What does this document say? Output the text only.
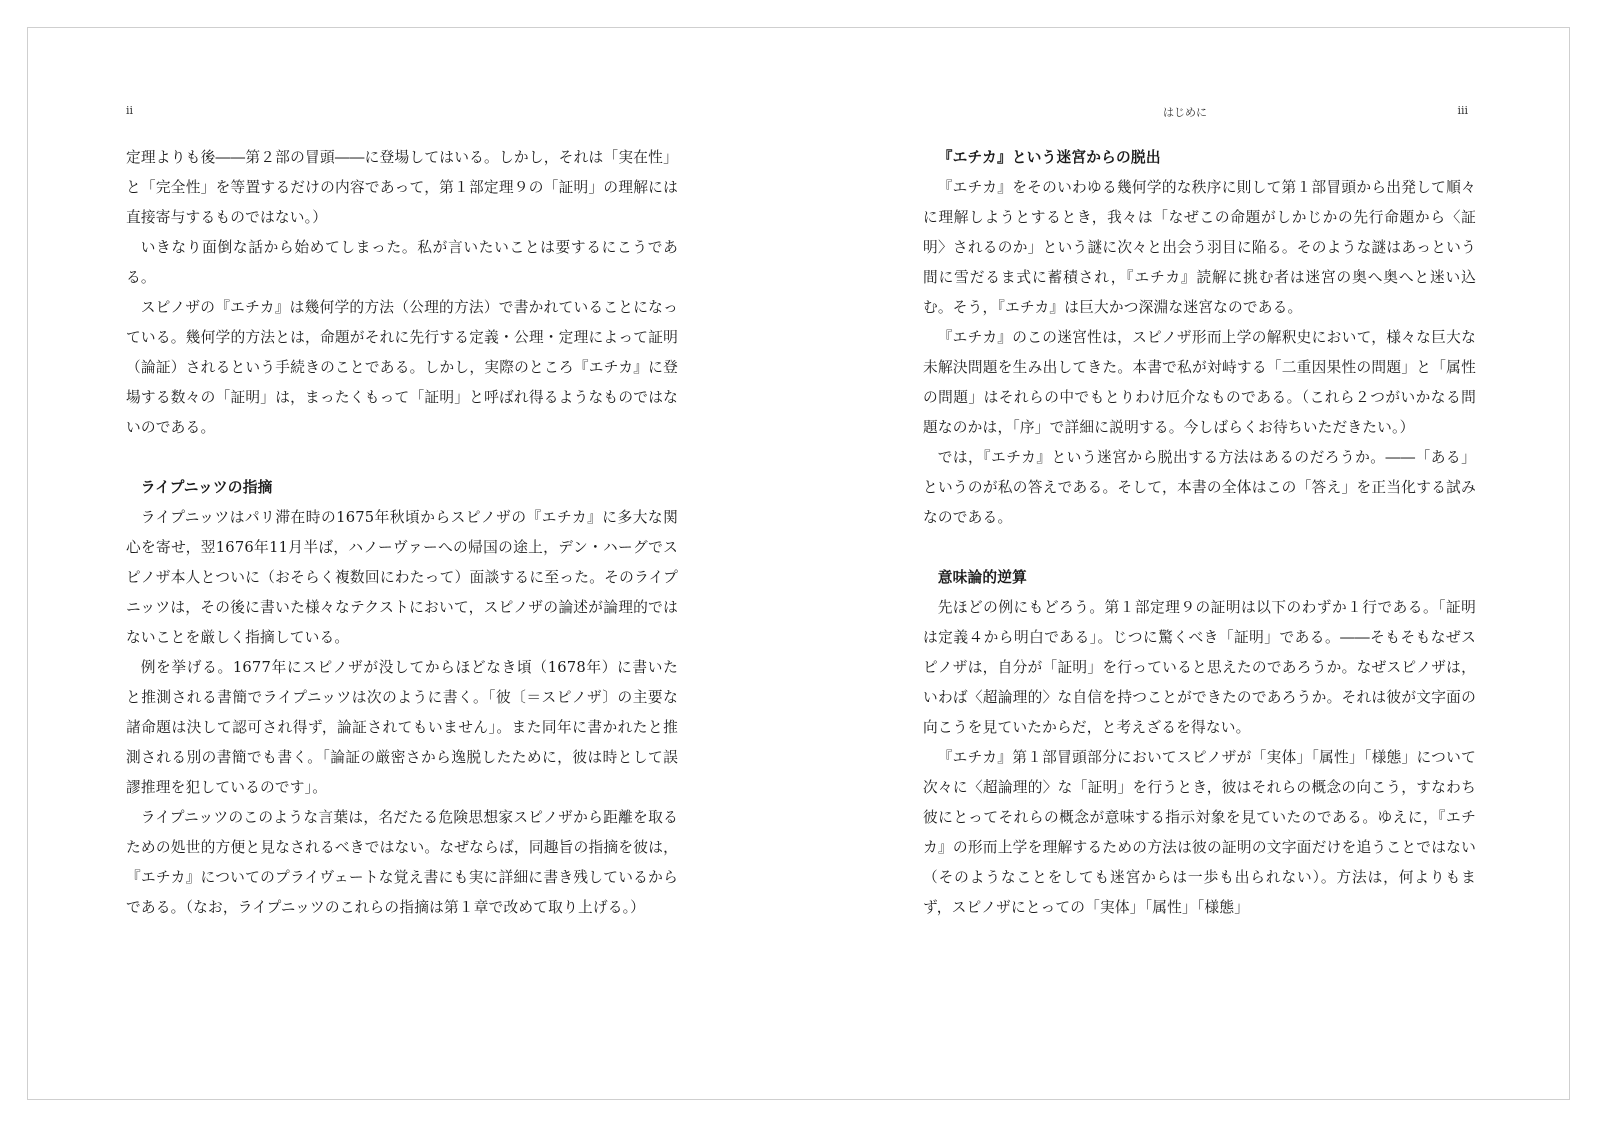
ii

定理よりも後――第２部の冒頭――に登場してはいる。しかし，それは「実在性」と「完全性」を等置するだけの内容であって，第１部定理９の「証明」の理解には直接寄与するものではない。）

いきなり面倒な話から始めてしまった。私が言いたいことは要するにこうである。

スピノザの『エチカ』は幾何学的方法（公理的方法）で書かれていることになっている。幾何学的方法とは，命題がそれに先行する定義・公理・定理によって証明（論証）されるという手続きのことである。しかし，実際のところ『エチカ』に登場する数々の「証明」は，まったくもって「証明」と呼ばれ得るようなものではないのである。

ライプニッツの指摘

ライプニッツはパリ滞在時の1675年秋頃からスピノザの『エチカ』に多大な関心を寄せ，翌1676年11月半ば，ハノーヴァーへの帰国の途上，デン・ハーグでスピノザ本人とついに（おそらく複数回にわたって）面談するに至った。そのライプニッツは，その後に書いた様々なテクストにおいて，スピノザの論述が論理的ではないことを厳しく指摘している。

例を挙げる。1677年にスピノザが没してからほどなき頃（1678年）に書いたと推測される書簡でライプニッツは次のように書く。「彼〔＝スピノザ〕の主要な諸命題は決して認可され得ず，論証されてもいません」。また同年に書かれたと推測される別の書簡でも書く。「論証の厳密さから逸脱したために，彼は時として誤謬推理を犯しているのです」。

ライプニッツのこのような言葉は，名だたる危険思想家スピノザから距離を取るための処世的方便と見なされるべきではない。なぜならば，同趣旨の指摘を彼は，『エチカ』についてのプライヴェートな覚え書にも実に詳細に書き残しているからである。（なお，ライプニッツのこれらの指摘は第１章で改めて取り上げる。）

はじめに	iii
『エチカ』という迷宮からの脱出

『エチカ』をそのいわゆる幾何学的な秩序に則して第１部冒頭から出発して順々に理解しようとするとき，我々は「なぜこの命題がしかじかの先行命題から〈証明〉されるのか」という謎に次々と出会う羽目に陥る。そのような謎はあっという間に雪だるま式に蓄積され，『エチカ』読解に挑む者は迷宮の奥へ奥へと迷い込む。そう，『エチカ』は巨大かつ深淵な迷宮なのである。

『エチカ』のこの迷宮性は，スピノザ形而上学の解釈史において，様々な巨大な未解決問題を生み出してきた。本書で私が対峙する「二重因果性の問題」と「属性の問題」はそれらの中でもとりわけ厄介なものである。（これら２つがいかなる問題なのかは，「序」で詳細に説明する。今しばらくお待ちいただきたい。）

では，『エチカ』という迷宮から脱出する方法はあるのだろうか。――「ある」というのが私の答えである。そして，本書の全体はこの「答え」を正当化する試みなのである。

意味論的逆算

先ほどの例にもどろう。第１部定理９の証明は以下のわずか１行である。「証明は定義４から明白である」。じつに驚くべき「証明」である。――そもそもなぜスピノザは，自分が「証明」を行っていると思えたのであろうか。なぜスピノザは，いわば〈超論理的〉な自信を持つことができたのであろうか。それは彼が文字面の向こうを見ていたからだ，と考えざるを得ない。

『エチカ』第１部冒頭部分においてスピノザが「実体」「属性」「様態」について次々に〈超論理的〉な「証明」を行うとき，彼はそれらの概念の向こう，すなわち彼にとってそれらの概念が意味する指示対象を見ていたのである。ゆえに，『エチカ』の形而上学を理解するための方法は彼の証明の文字面だけを追うことではない（そのようなことをしても迷宮からは一歩も出られない）。方法は，何よりもまず，スピノザにとっての「実体」「属性」「様態」
